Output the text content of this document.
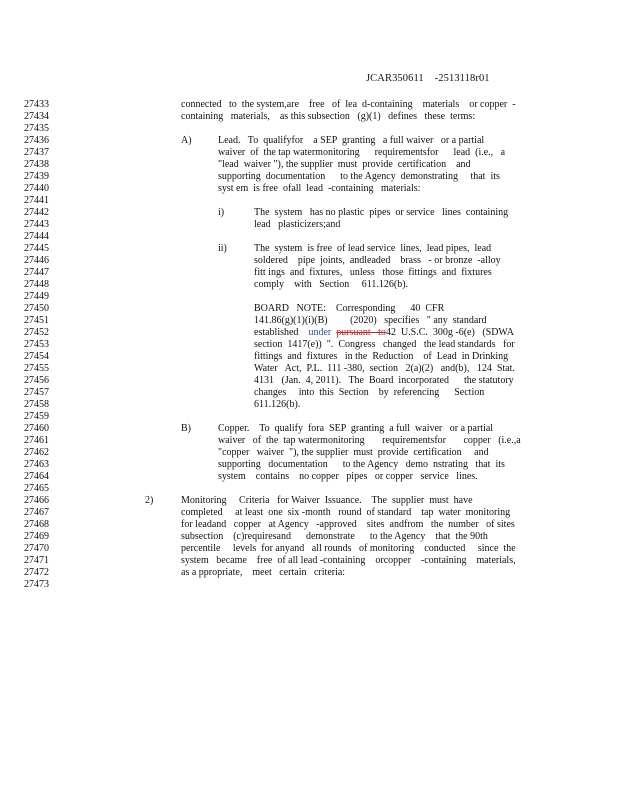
JCAR350611    -2513118r01
27433
27434
27435
27436
27437
27438
27439
27440
27441
27442
27443
27444
27445
27446
27447
27448
27449
27450
27451
27452
27453
27454
27455
27456
27457
27458
27459
27460
27461
27462
27463
27464
27465
27466
27467
27468
27469
27470
27471
27472
27473
connected   to  the system,are    free   of  lea  d-containing    materials    or copper  -
containing   materials,    as this subsection   (g)(1)   defines   these  terms:
A)	Lead.   To  qualifyfor    a SEP  granting   a full waiver   or a partial
waiver  of  the tap watermonitoring      requirementsfor      lead  (i.e.,   a
"lead  waiver "), the supplier  must  provide  certification    and
supporting  documentation      to the Agency  demonstrating     that  its
syst em  is free  ofall  lead  -containing   materials:
i)	The  system   has no plastic  pipes  or service   lines  containing
lead   plasticizers;and
ii)	The  system  is free  of lead service  lines,  lead pipes,  lead
soldered    pipe  joints,  andleaded    brass   - or bronze  -alloy
fitt ings  and  fixtures,   unless   those  fittings  and  fixtures
comply    with   Section     611.126(b).
BOARD   NOTE:    Corresponding      40  CFR
141.86(g)(1)(i)(B)         (2020)   specifies   " any  standard
established under pursuant   to42  U.S.C.  300g -6(e)   (SDWA
section  1417(e))  ".  Congress   changed   the lead standards   for
fittings  and  fixtures   in the  Reduction    of  Lead  in Drinking
Water   Act,  P.L.  111 -380,  section   2(a)(2)   and(b),   124  Stat.
4131   (Jan.  4, 2011).   The  Board  incorporated      the statutory
changes     into  this  Section    by  referencing      Section
611.126(b).
B)	Copper.    To  qualify  fora  SEP  granting  a full  waiver   or a partial
waiver   of  the  tap watermonitoring       requirementsfor       copper   (i.e.,a
"copper   waiver  "), the supplier  must  provide  certification     and
supporting   documentation      to the Agency   demo  nstrating   that  its
system    contains    no copper   pipes   or copper   service   lines.
2)	Monitoring     Criteria   for Waiver  Issuance.    The  supplier  must  have
completed     at least  one  six -month   round  of standard    tap  water  monitoring
for leadand   copper   at Agency   -approved    sites  andfrom   the  number   of sites
subsection    (c)requiresand      demonstrate      to the Agency    that  the 90th
percentile     levels  for anyand   all rounds   of monitoring    conducted     since  the
system   became    free  of all lead -containing    orcopper    -containing    materials,
as a ppropriate,    meet   certain   criteria:
